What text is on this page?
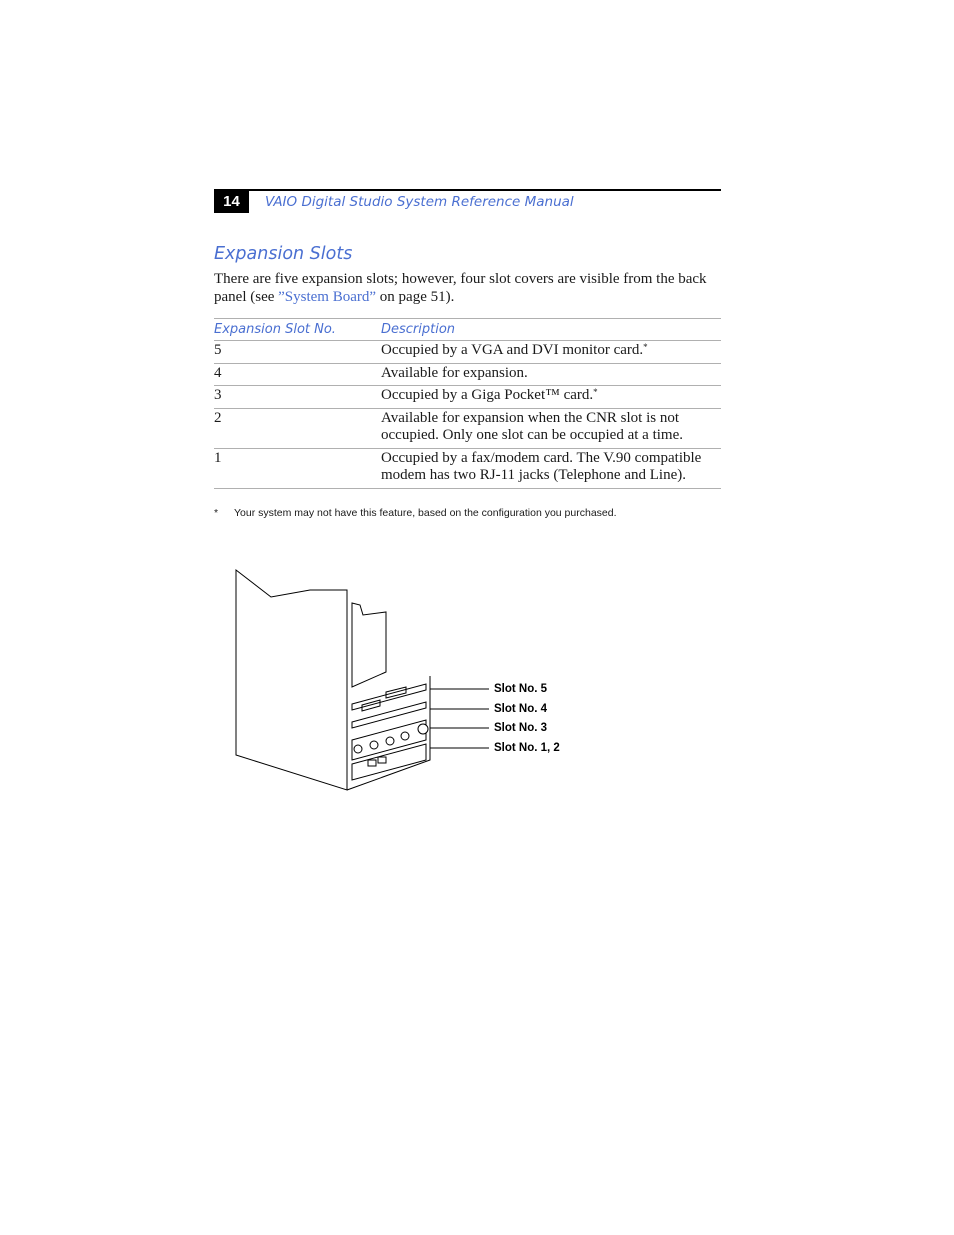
14	VAIO Digital Studio System Reference Manual
Expansion Slots
There are five expansion slots; however, four slot covers are visible from the back panel (see ”System Board” on page 51).
Expansion Slot No.	Description
5	Occupied by a VGA and DVI monitor card.*
4	Available for expansion.
3	Occupied by a Giga Pocket™ card.*
2	Available for expansion when the CNR slot is not occupied. Only one slot can be occupied at a time.
1	Occupied by a fax/modem card. The V.90 compatible modem has two RJ-11 jacks (Telephone and Line).
* Your system may not have this feature, based on the configuration you purchased.
Slot No. 5
Slot No. 4
Slot No. 3
Slot No. 1, 2
